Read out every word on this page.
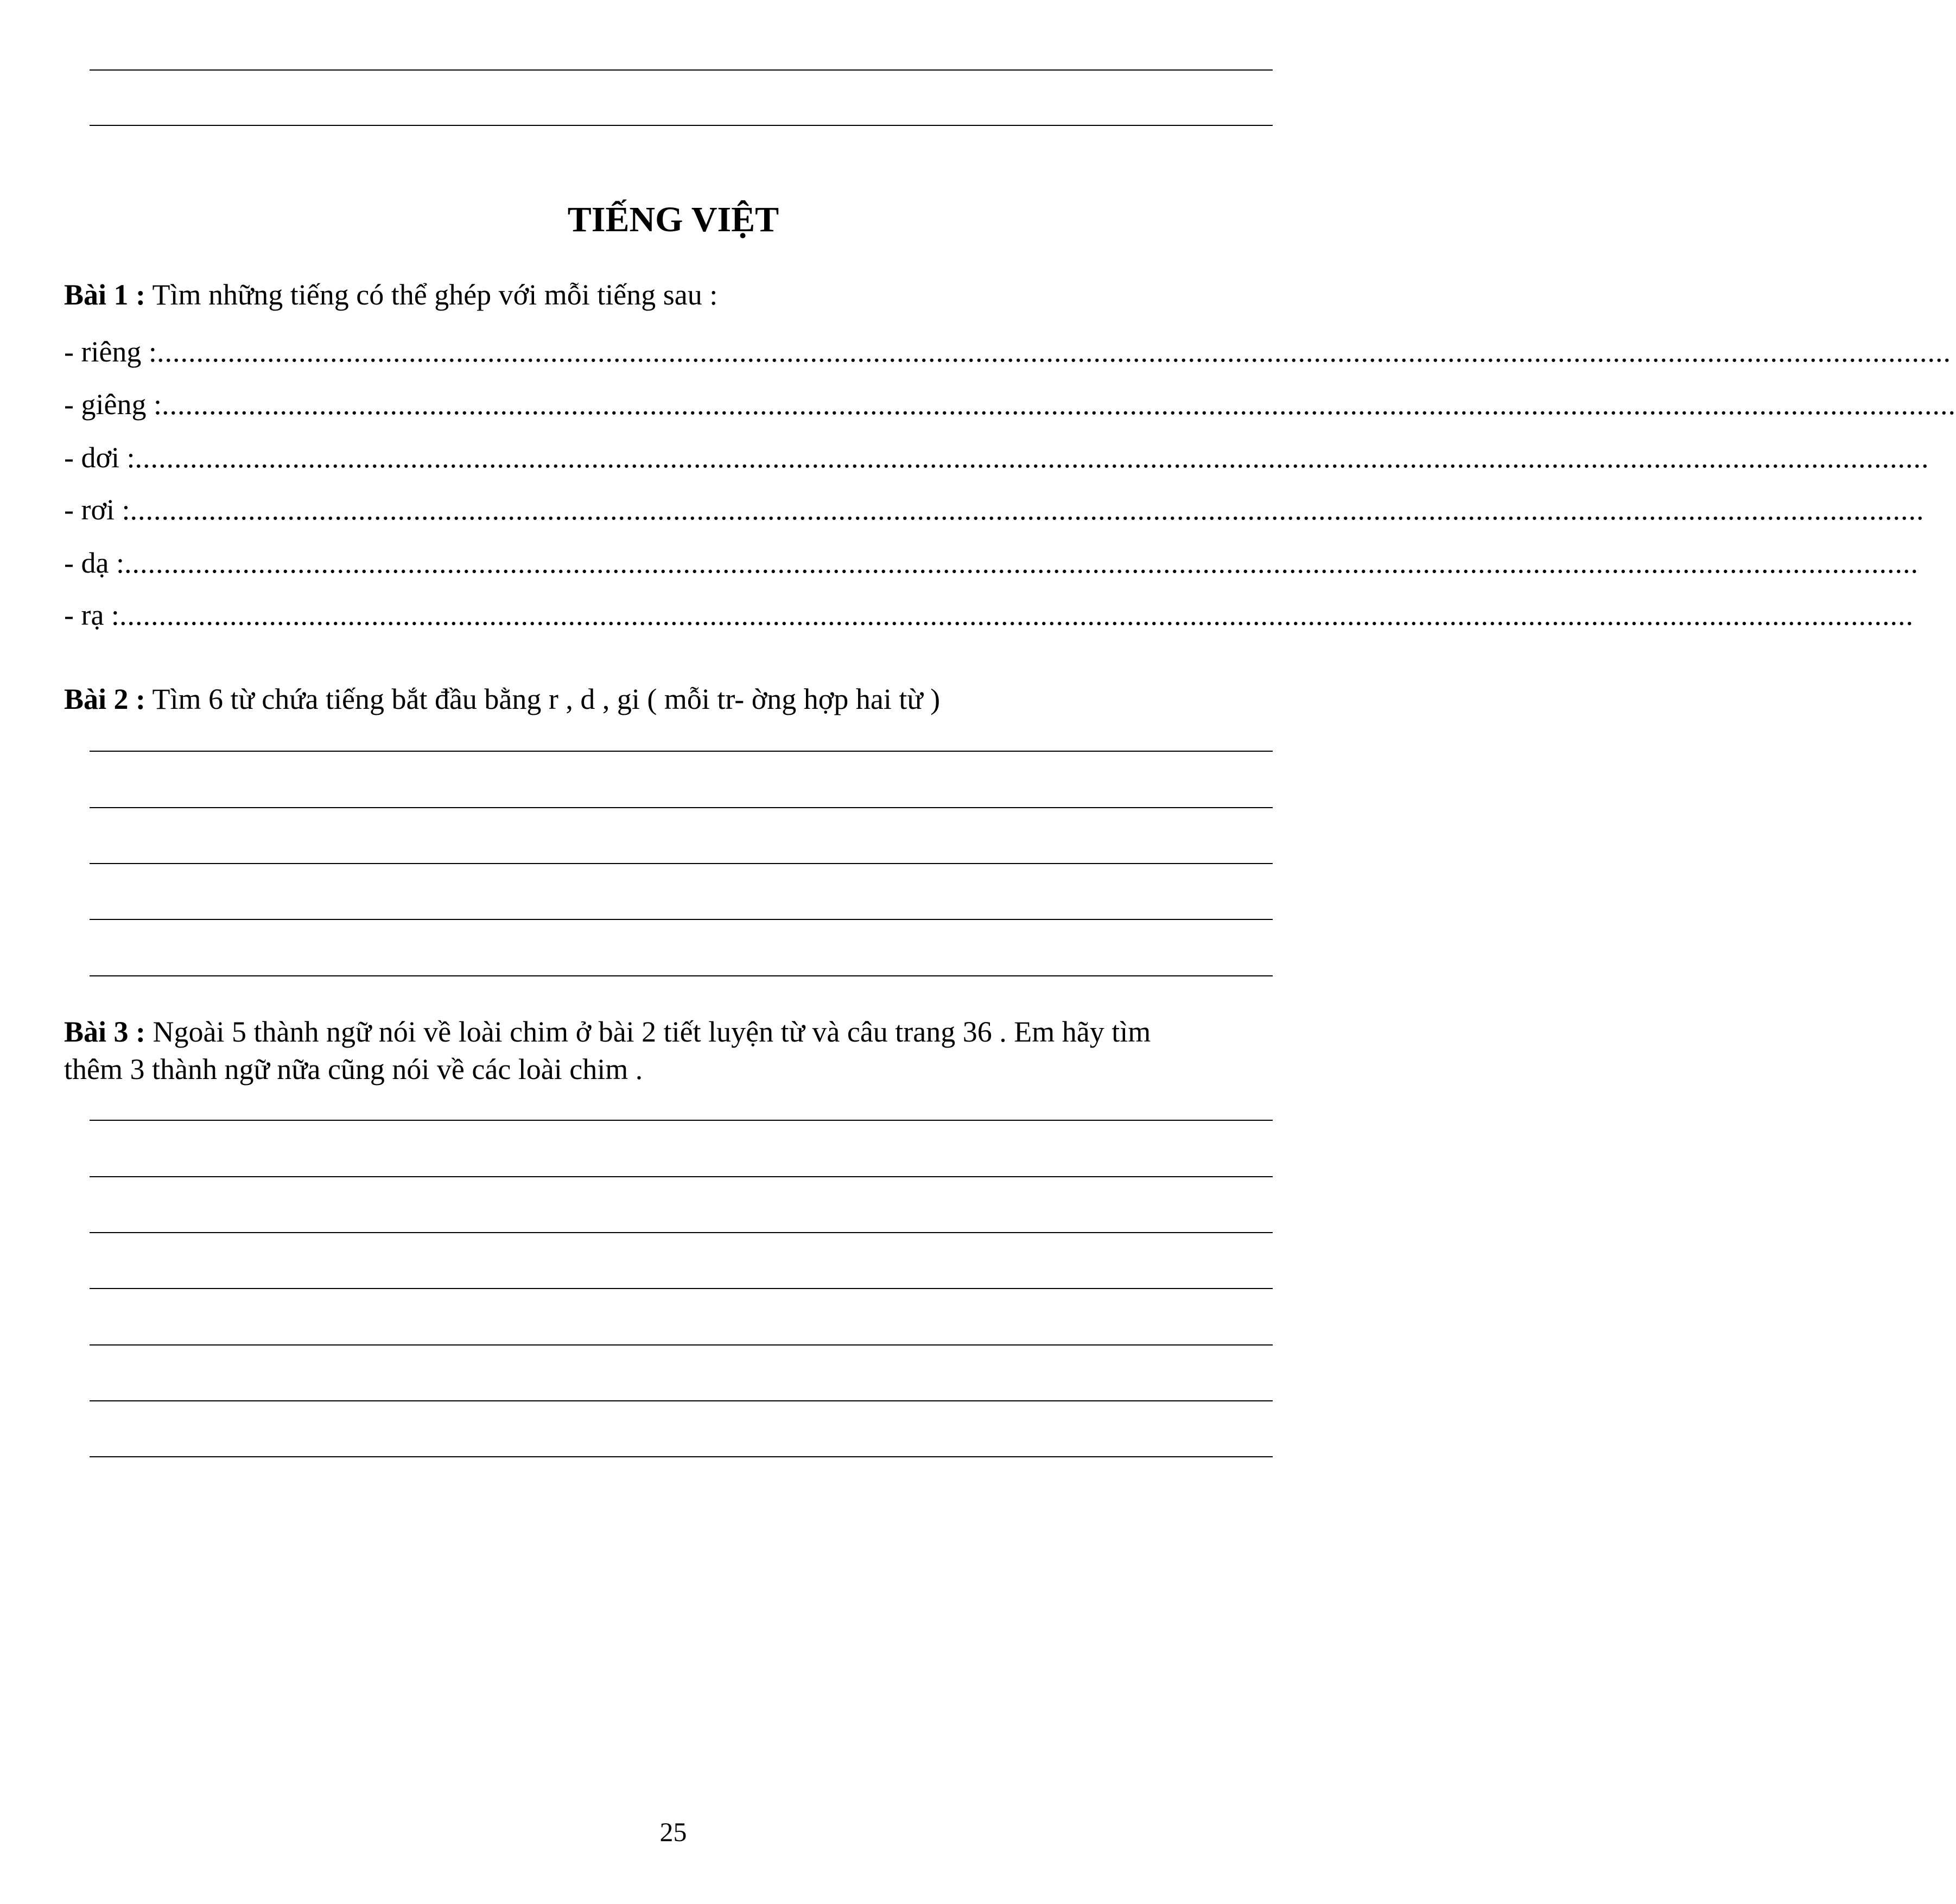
TIẾNG VIỆT
Bài 1 : Tìm những tiếng có thể ghép với mỗi tiếng sau :
- riêng : ....................................................................................................................................................................................................................................
- giêng : ....................................................................................................................................................................................................................................
- dơi : ....................................................................................................................................................................................................................................
- rơi : ....................................................................................................................................................................................................................................
- dạ : ....................................................................................................................................................................................................................................
- rạ : ....................................................................................................................................................................................................................................
Bài 2 : Tìm 6 từ chứa tiếng bắt đầu bằng r , d , gi ( mỗi tr- ờng hợp hai từ )
Bài 3 : Ngoài 5 thành ngữ nói về loài chim ở bài 2 tiết luyện từ và câu trang 36 . Em hãy tìm
thêm 3 thành ngữ nữa cũng nói về các loài chim .
25
